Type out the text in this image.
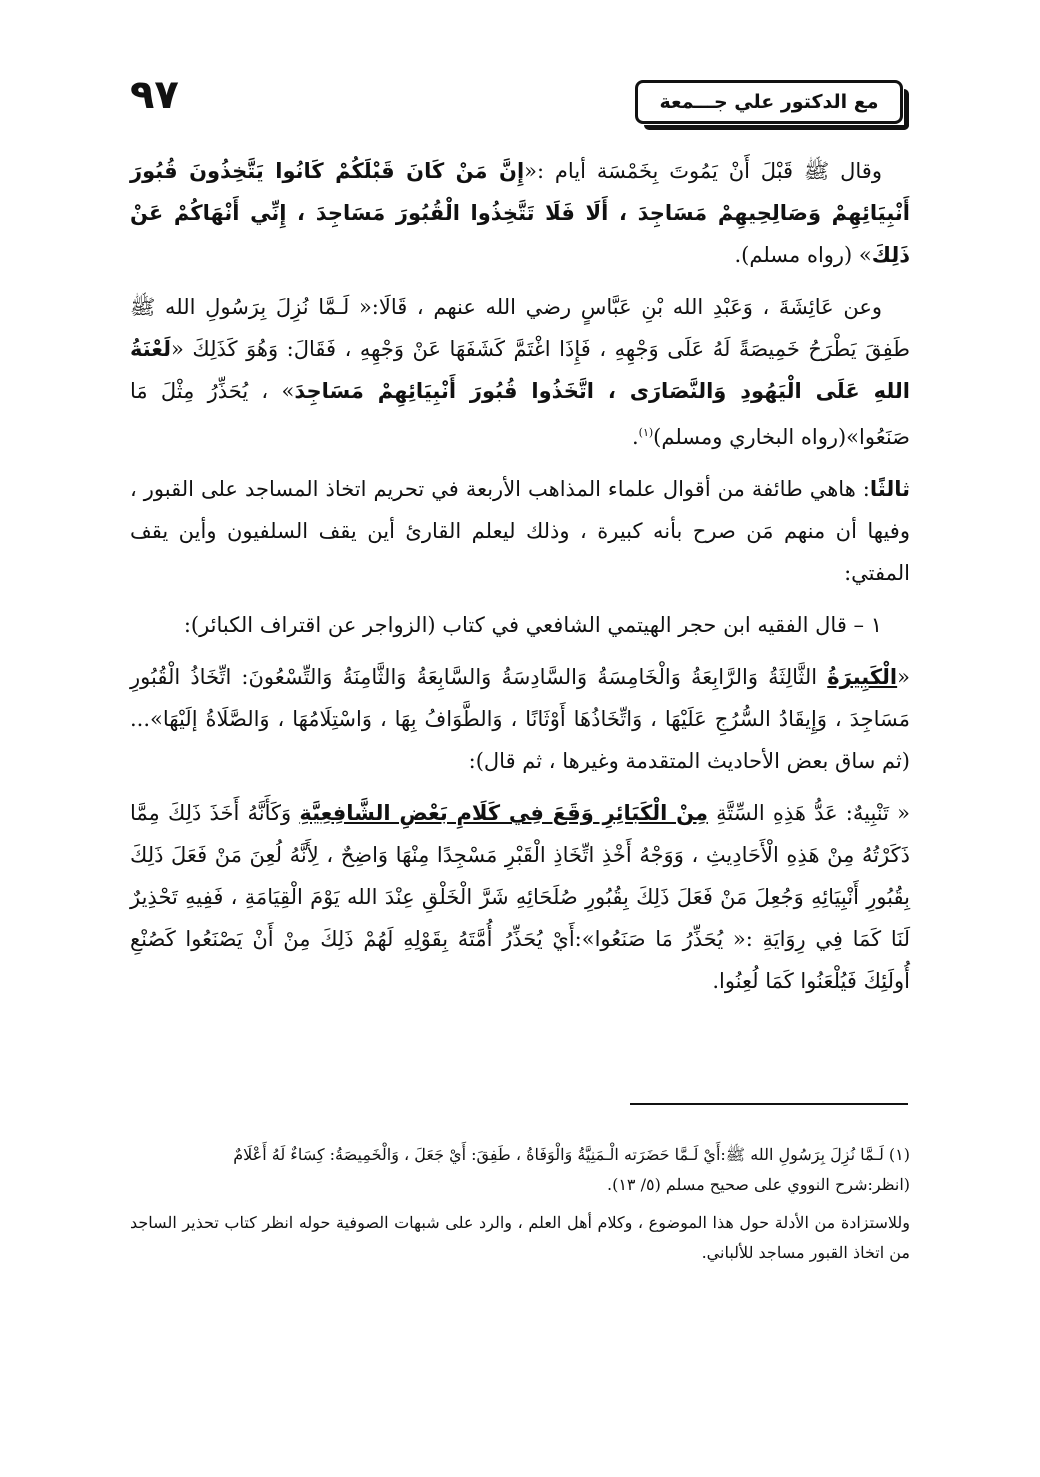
مع الدكتور علي جـــمعة
٩٧

وقال ﷺ قَبْلَ أَنْ يَمُوتَ بِخَمْسَة أيام :«إِنَّ مَنْ كَانَ قَبْلَكُمْ كَانُوا يَتَّخِذُونَ قُبُورَ أَنْبِيَائِهِمْ وَصَالِحِيهِمْ مَسَاجِدَ ، أَلَا فَلَا تَتَّخِذُوا الْقُبُورَ مَسَاجِدَ ، إِنِّي أَنْهَاكُمْ عَنْ ذَلِكَ» (رواه مسلم).

وعن عَائِشَةَ ، وَعَبْدِ الله بْنِ عَبَّاسٍ رضي الله عنهم ، قَالَا:« لَـمَّا نُزِلَ بِرَسُولِ الله ﷺ طَفِقَ يَطْرَحُ خَمِيصَةً لَهُ عَلَى وَجْهِهِ ، فَإِذَا اغْتَمَّ كَشَفَهَا عَنْ وَجْهِهِ ، فَقَالَ: وَهُوَ كَذَلِكَ «لَعْنَةُ اللهِ عَلَى الْيَهُودِ وَالنَّصَارَى ، اتَّخَذُوا قُبُورَ أَنْبِيَائِهِمْ مَسَاجِدَ» ، يُحَذِّرُ مِثْلَ مَا صَنَعُوا»(رواه البخاري ومسلم)$^{(١)}$.

ثالثًا: هاهي طائفة من أقوال علماء المذاهب الأربعة في تحريم اتخاذ المساجد على القبور ، وفيها أن منهم مَن صرح بأنه كبيرة ، وذلك ليعلم القارئ أين يقف السلفيون وأين يقف المفتي:

١ – قال الفقيه ابن حجر الهيتمي الشافعي في كتاب (الزواجر عن اقتراف الكبائر):

«الْكَبِيرَةُ الثَّالِثَةُ وَالرَّابِعَةُ وَالْخَامِسَةُ وَالسَّادِسَةُ وَالسَّابِعَةُ وَالثَّامِنَةُ وَالتِّسْعُونَ: اتِّخَاذُ الْقُبُورِ مَسَاجِدَ ، وَإِيقَادُ السُّرُجِ عَلَيْهَا ، وَاتِّخَاذُهَا أَوْثَانًا ، وَالطَّوَافُ بِهَا ، وَاسْتِلَامُهَا ، وَالصَّلَاةُ إلَيْهَا»...(ثم ساق بعض الأحاديث المتقدمة وغيرها ، ثم قال):

« تَنْبِيهٌ: عَدُّ هَذِهِ السِّتَّةِ مِنْ الْكَبَائِرِ وَقَعَ فِي كَلَامِ بَعْضِ الشَّافِعِيَّةِ وَكَأَنَّهُ أَخَذَ ذَلِكَ مِمَّا ذَكَرْتُهُ مِنْ هَذِهِ الْأَحَادِيثِ ، وَوَجْهُ أَخْذِ اتِّخَاذِ الْقَبْرِ مَسْجِدًا مِنْهَا وَاضِحٌ ، لِأَنَّهُ لُعِنَ مَنْ فَعَلَ ذَلِكَ بِقُبُورِ أَنْبِيَائِهِ وَجُعِلَ مَنْ فَعَلَ ذَلِكَ بِقُبُورِ صُلَحَائِهِ شَرَّ الْخَلْقِ عِنْدَ الله يَوْمَ الْقِيَامَةِ ، فَفِيهِ تَحْذِيرٌ لَنَا كَمَا فِي رِوَايَةِ :« يُحَذِّرُ مَا صَنَعُوا»:أَيْ يُحَذِّرُ أُمَّتَهُ بِقَوْلِهِ لَهُمْ ذَلِكَ مِنْ أَنْ يَصْنَعُوا كَصُنْعِ أُولَئِكَ فَيُلْعَنُوا كَمَا لُعِنُوا.

(١) لَـمَّا نُزِلَ بِرَسُولِ الله ﷺ:أَيْ لَـمَّا حَضَرَته الْـمَنِيَّةُ وَالْوَفَاةُ ، طَفِقَ: أَيْ جَعَلَ ، وَالْخَمِيصَةُ: كِسَاءٌ لَهُ أَعْلَامٌ
(انظر:شرح النووي على صحيح مسلم (٥/ ١٣).

وللاستزادة من الأدلة حول هذا الموضوع ، وكلام أهل العلم ، والرد على شبهات الصوفية حوله انظر كتاب تحذير الساجد من اتخاذ القبور مساجد للألباني.
